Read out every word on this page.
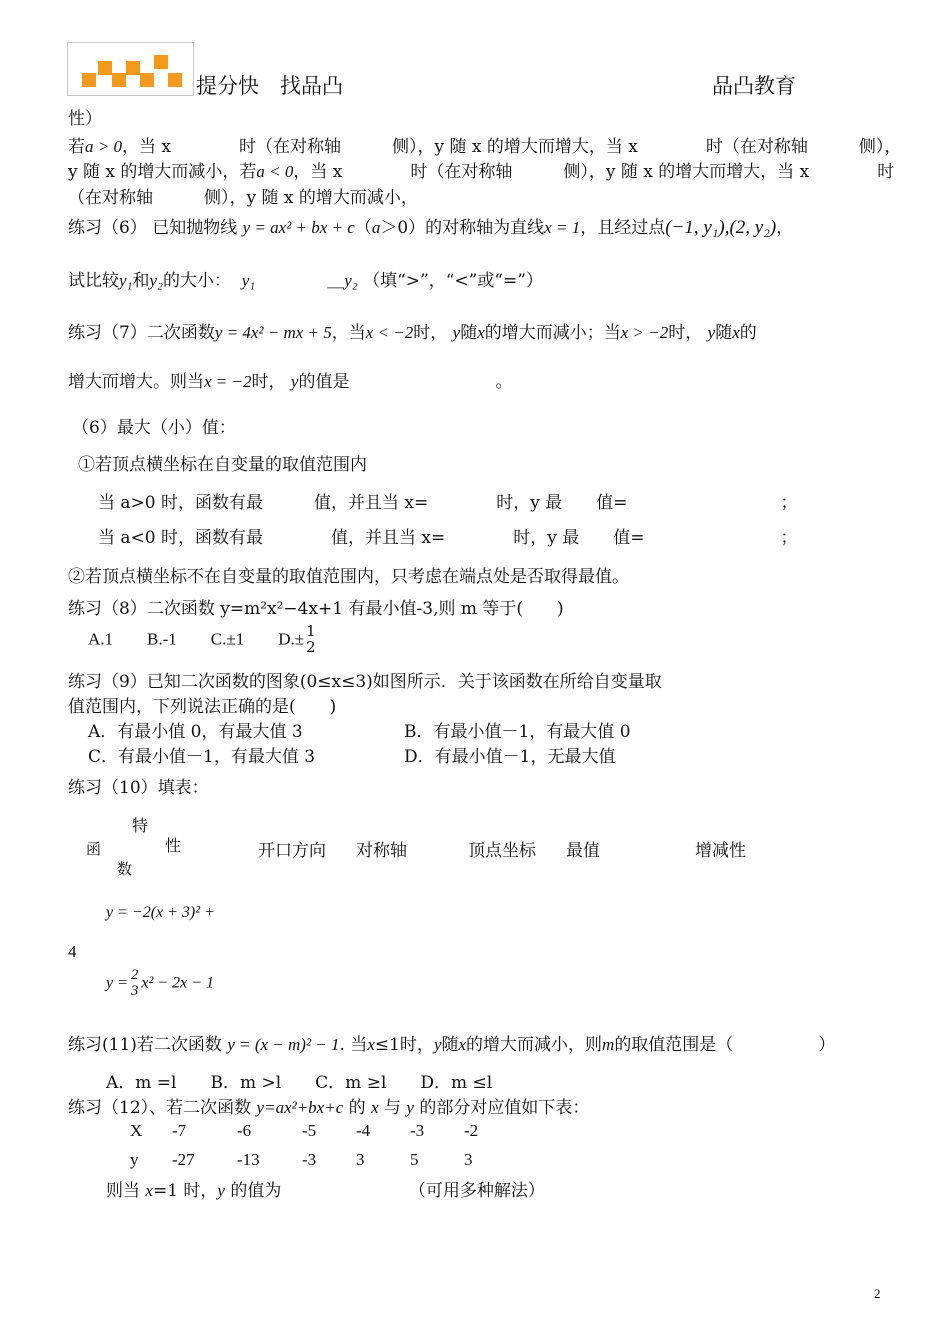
提分快　找品凸	品凸教育
性）
若a > 0，当 x　　　　时（在对称轴　　　侧），y 随 x 的增大而增大，当 x　　　　时（在对称轴　　　侧），
y 随 x 的增大而减小，若a < 0，当 x　　　　时（在对称轴　　　侧），y 随 x 的增大而增大，当 x　　　　时
（在对称轴　　　侧），y 随 x 的增大而减小，
练习（6） 已知抛物线 y = ax² + bx + c（a＞0）的对称轴为直线x = 1，且经过点(−1, y₁),(2, y₂)，
试比较y₁和y₂的大小： y₁	＿y₂ （填“>”，“<”或“=”）
练习（7）二次函数y = 4x² − mx + 5，当x < −2时， y随x的增大而减小；当x > −2时， y随x的
增大而增大。则当x = −2时， y的值是	。
（6）最大（小）值：
①若顶点横坐标在自变量的取值范围内
当 a>0 时，函数有最　　　值，并且当 x=　　　　时，y 最　　值=　　　　　　　　　；
当 a<0 时，函数有最　　　　值，并且当 x=　　　　时，y 最　　值=　　　　　　　　；
②若顶点横坐标不在自变量的取值范围内，只考虑在端点处是否取得最值。
练习（8）二次函数 y=m²x²−4x+1 有最小值-3,则 m 等于(　　)
A.1　　B.-1　　C.±1　　D.± 1
2
练习（9）已知二次函数的图象(0≤x≤3)如图所示．关于该函数在所给自变量取
值范围内，下列说法正确的是(　　)
A．有最小值 0，有最大值 3	B．有最小值－1，有最大值 0
C．有最小值－1，有最大值 3	D．有最小值－1，无最大值
练习（10）填表：
特
性
函
数
开口方向 对称轴	顶点坐标 最值	增减性
y = −2(x + 3)² +
4
y = 2
3 x² − 2x − 1
练习(11)若二次函数 y = (x − m)² − 1. 当x≤1时，y随x的增大而减小，则m的取值范围是（　　　　　）
A．m =l　　B．m >l　　C．m ≥l　　D．m ≤l
练习（12）、若二次函数 y=ax²+bx+c 的 x 与 y 的部分对应值如下表：
X -7	-6	-5 -4 -3 -2
y -27 -13 -3 3	5	3
则当 x=1 时，y 的值为　　　　　　　　（可用多种解法）
2
